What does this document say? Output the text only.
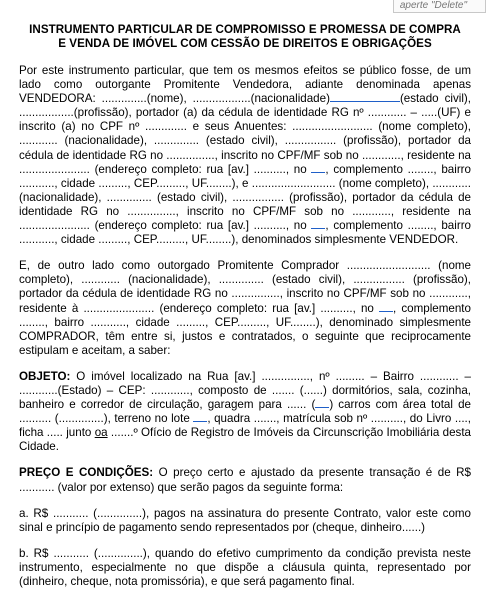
aperte "Delete"
INSTRUMENTO PARTICULAR DE COMPROMISSO E PROMESSA DE COMPRA
E VENDA DE IMÓVEL COM CESSÃO DE DIREITOS E OBRIGAÇÕES

Por este instrumento particular, que tem os mesmos efeitos se público fosse, de um lado como outorgante Promitente Vendedora, adiante denominada apenas VENDEDORA: ..............(nome), ..................(nacionalidade)	(estado civil), .................(profissão), portador (a) da cédula de identidade RG nº ............ – .....(UF) e inscrito (a) no CPF nº ............. e seus Anuentes: ......................... (nome completo), ............ (nacionalidade), .............. (estado civil), ................ (profissão), portador da cédula de identidade RG no ..............., inscrito no CPF/MF sob no ............, residente na ...................... (endereço completo: rua [av.] .........., no , complemento ........, bairro ..........., cidade ........., CEP........., UF........), e .......................... (nome completo), ............ (nacionalidade), .............. (estado civil), ................ (profissão), portador da cédula de identidade RG no ..............., inscrito no CPF/MF sob no ............, residente na ...................... (endereço completo: rua [av.] .........., no , complemento ........, bairro ..........., cidade ........., CEP........., UF........), denominados simplesmente VENDEDOR.

E, de outro lado como outorgado Promitente Comprador .......................... (nome completo), ............ (nacionalidade), .............. (estado civil), ................ (profissão), portador da cédula de identidade RG no ..............., inscrito no CPF/MF sob no ............, residente à ...................... (endereço completo: rua [av.] .........., no , complemento ........, bairro ..........., cidade ........., CEP........., UF........), denominado simplesmente COMPRADOR, têm entre si, justos e contratados, o seguinte que reciprocamente estipulam e aceitam, a saber:

OBJETO: O imóvel localizado na Rua [av.] ..............., nº ......... – Bairro ............ – ............(Estado) – CEP: ............, composto de ....... (......) dormitórios, sala, cozinha, banheiro e corredor de circulação, garagem para ...... ( ) carros com área total de .......... (..............), terreno no lote , quadra ......., matrícula sob nº .........., do Livro ...., ficha ..... junto oa .......º Ofício de Registro de Imóveis da Circunscrição Imobiliária desta Cidade.

PREÇO E CONDIÇÕES: O preço certo e ajustado da presente transação é de R$ ........... (valor por extenso) que serão pagos da seguinte forma:

a. R$ ........... (..............), pagos na assinatura do presente Contrato, valor este como sinal e princípio de pagamento sendo representados por (cheque, dinheiro......)

b. R$ ........... (..............), quando do efetivo cumprimento da condição prevista neste instrumento, especialmente no que dispõe a cláusula quinta, representado por (dinheiro, cheque, nota promissória), e que será pagamento final.
